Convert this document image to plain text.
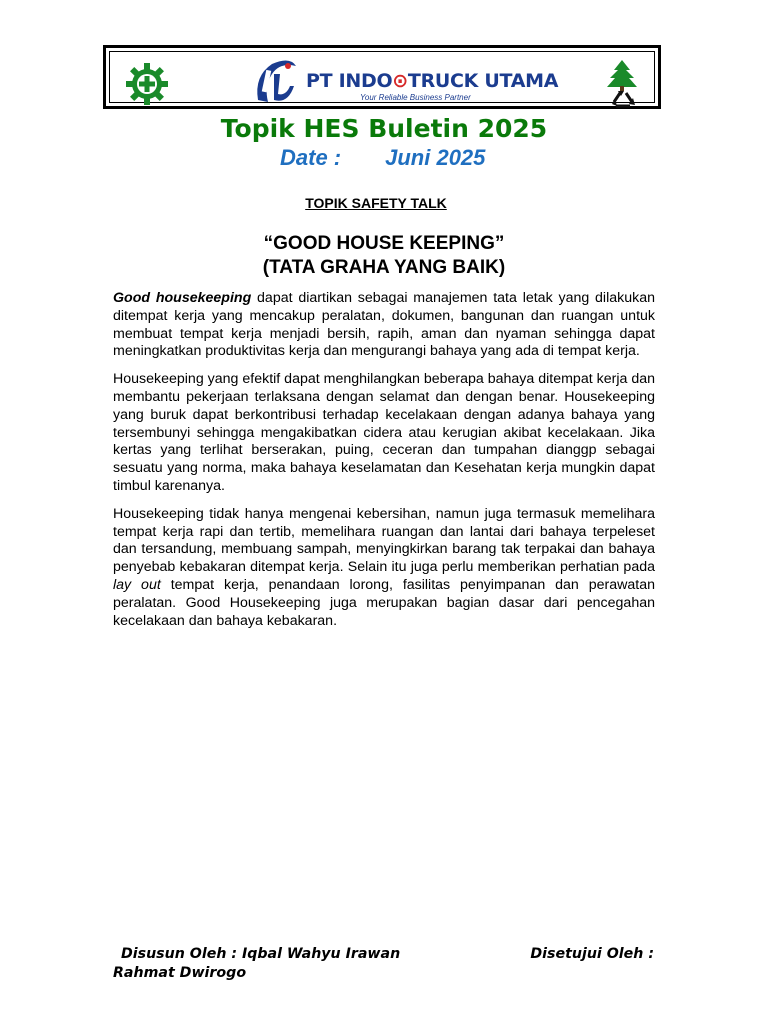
PT INDO⊙TRUCK UTAMA
Your Reliable Business Partner
Topik HES Buletin 2025
Date : Juni 2025
TOPIK SAFETY TALK
“GOOD HOUSE KEEPING”
(TATA GRAHA YANG BAIK)

Good housekeeping dapat diartikan sebagai manajemen tata letak yang dilakukan ditempat kerja yang mencakup peralatan, dokumen, bangunan dan ruangan untuk membuat tempat kerja menjadi bersih, rapih, aman dan nyaman sehingga dapat meningkatkan produktivitas kerja dan mengurangi bahaya yang ada di tempat kerja.

Housekeeping yang efektif dapat menghilangkan beberapa bahaya ditempat kerja dan membantu pekerjaan terlaksana dengan selamat dan dengan benar. Housekeeping yang buruk dapat berkontribusi terhadap kecelakaan dengan adanya bahaya yang tersembunyi sehingga mengakibatkan cidera atau kerugian akibat kecelakaan. Jika kertas yang terlihat berserakan, puing, ceceran dan tumpahan dianggp sebagai sesuatu yang norma, maka bahaya keselamatan dan Kesehatan kerja mungkin dapat timbul karenanya.

Housekeeping tidak hanya mengenai kebersihan, namun juga termasuk memelihara tempat kerja rapi dan tertib, memelihara ruangan dan lantai dari bahaya terpeleset dan tersandung, membuang sampah, menyingkirkan barang tak terpakai dan bahaya penyebab kebakaran ditempat kerja. Selain itu juga perlu memberikan perhatian pada lay out tempat kerja, penandaan lorong, fasilitas penyimpanan dan perawatan peralatan. Good Housekeeping juga merupakan bagian dasar dari pencegahan kecelakaan dan bahaya kebakaran.

Disusun Oleh : Iqbal Wahyu Irawan	Disetujui Oleh :
Rahmat Dwirogo
